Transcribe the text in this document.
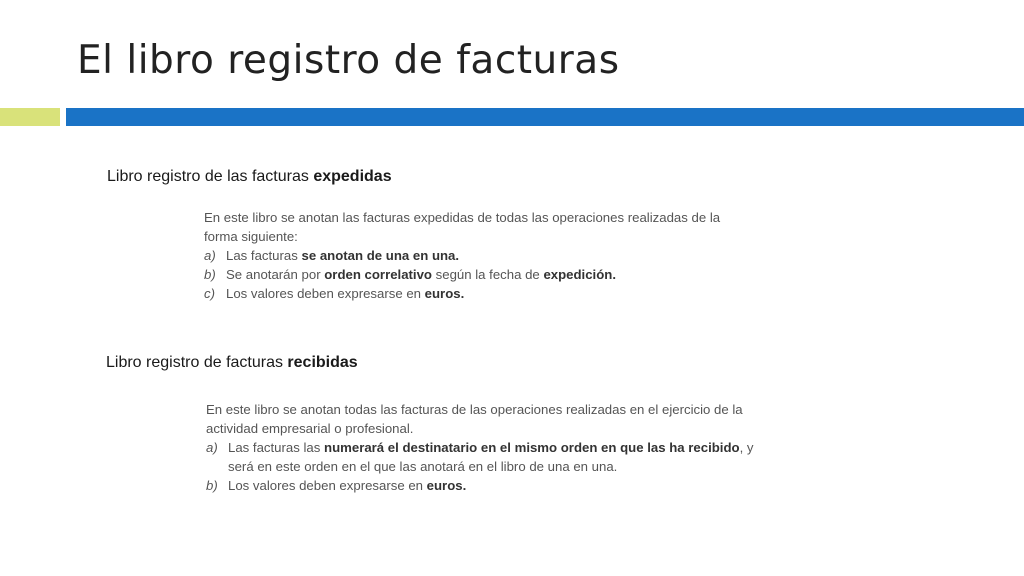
El libro registro de facturas
Libro registro de las facturas expedidas

En este libro se anotan las facturas expedidas de todas las operaciones realizadas de la

forma siguiente:

a) Las facturas se anotan de una en una.
b) Se anotarán por orden correlativo según la fecha de expedición.
c) Los valores deben expresarse en euros.
Libro registro de facturas recibidas

En este libro se anotan todas las facturas de las operaciones realizadas en el ejercicio de la

actividad empresarial o profesional.

a) Las facturas las numerará el destinatario en el mismo orden en que las ha recibido, y
será en este orden en el que las anotará en el libro de una en una.
b) Los valores deben expresarse en euros.
